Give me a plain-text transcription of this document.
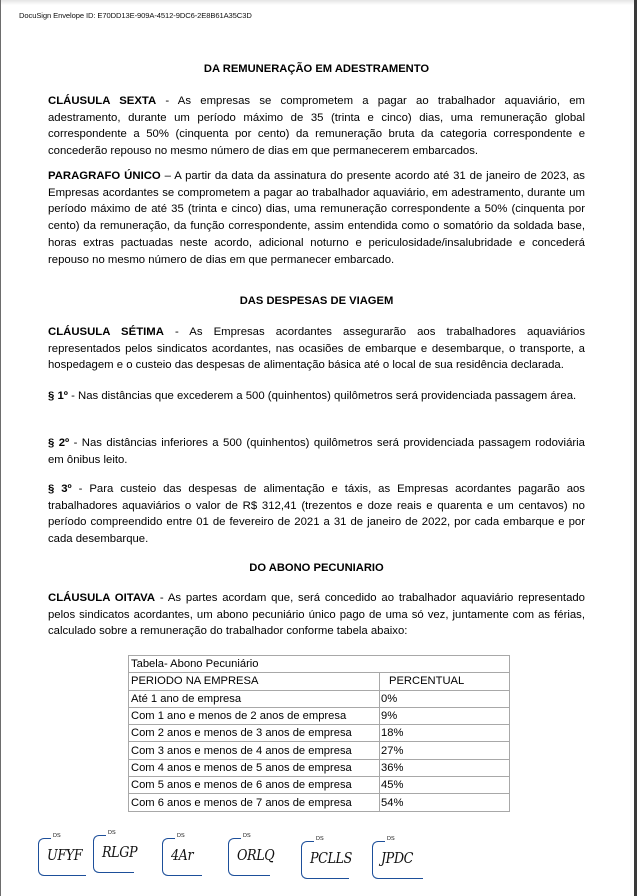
DocuSign Envelope ID: E70DD13E-909A-4512-9DC6-2E8B61A35C3D
DA REMUNERAÇÃO EM ADESTRAMENTO
CLÁUSULA SEXTA - As empresas se comprometem a pagar ao trabalhador aquaviário, em adestramento, durante um período máximo de 35 (trinta e cinco) dias, uma remuneração global correspondente a 50% (cinquenta por cento) da remuneração bruta da categoria correspondente e concederão repouso no mesmo número de dias em que permanecerem embarcados.
PARAGRAFO ÚNICO – A partir da data da assinatura do presente acordo até 31 de janeiro de 2023, as Empresas acordantes se comprometem a pagar ao trabalhador aquaviário, em adestramento, durante um período máximo de até 35 (trinta e cinco) dias, uma remuneração correspondente a 50% (cinquenta por cento) da remuneração, da função correspondente, assim entendida como o somatório da soldada base, horas extras pactuadas neste acordo, adicional noturno e periculosidade/insalubridade e concederá repouso no mesmo número de dias em que permanecer embarcado.
DAS DESPESAS DE VIAGEM
CLÁUSULA SÉTIMA - As Empresas acordantes assegurarão aos trabalhadores aquaviários representados pelos sindicatos acordantes, nas ocasiões de embarque e desembarque, o transporte, a hospedagem e o custeio das despesas de alimentação básica até o local de sua residência declarada.
§ 1º - Nas distâncias que excederem a 500 (quinhentos) quilômetros será providenciada passagem área.
§ 2º - Nas distâncias inferiores a 500 (quinhentos) quilômetros será providenciada passagem rodoviária em ônibus leito.
§ 3º - Para custeio das despesas de alimentação e táxis, as Empresas acordantes pagarão aos trabalhadores aquaviários o valor de R$ 312,41 (trezentos e doze reais e quarenta e um centavos) no período compreendido entre 01 de fevereiro de 2021 a 31 de janeiro de 2022, por cada embarque e por cada desembarque.
DO ABONO PECUNIARIO
CLÁUSULA OITAVA - As partes acordam que, será concedido ao trabalhador aquaviário representado pelos sindicatos acordantes, um abono pecuniário único pago de uma só vez, juntamente com as férias, calculado sobre a remuneração do trabalhador conforme tabela abaixo:
Tabela- Abono Pecuniário	
PERIODO NA EMPRESA	PERCENTUAL
Até 1 ano de empresa	0%
Com 1 ano e menos de 2 anos de empresa	9%
Com 2 anos e menos de 3 anos de empresa	18%
Com 3 anos e menos de 4 anos de empresa	27%
Com 4 anos e menos de 5 anos de empresa	36%
Com 5 anos e menos de 6 anos de empresa	45%
Com 6 anos e menos de 7 anos de empresa	54%
DS
UFYF
DS
RLGP
DS
4Ar
DS
ORLQ
DS
PCLLS
DS
JPDC
